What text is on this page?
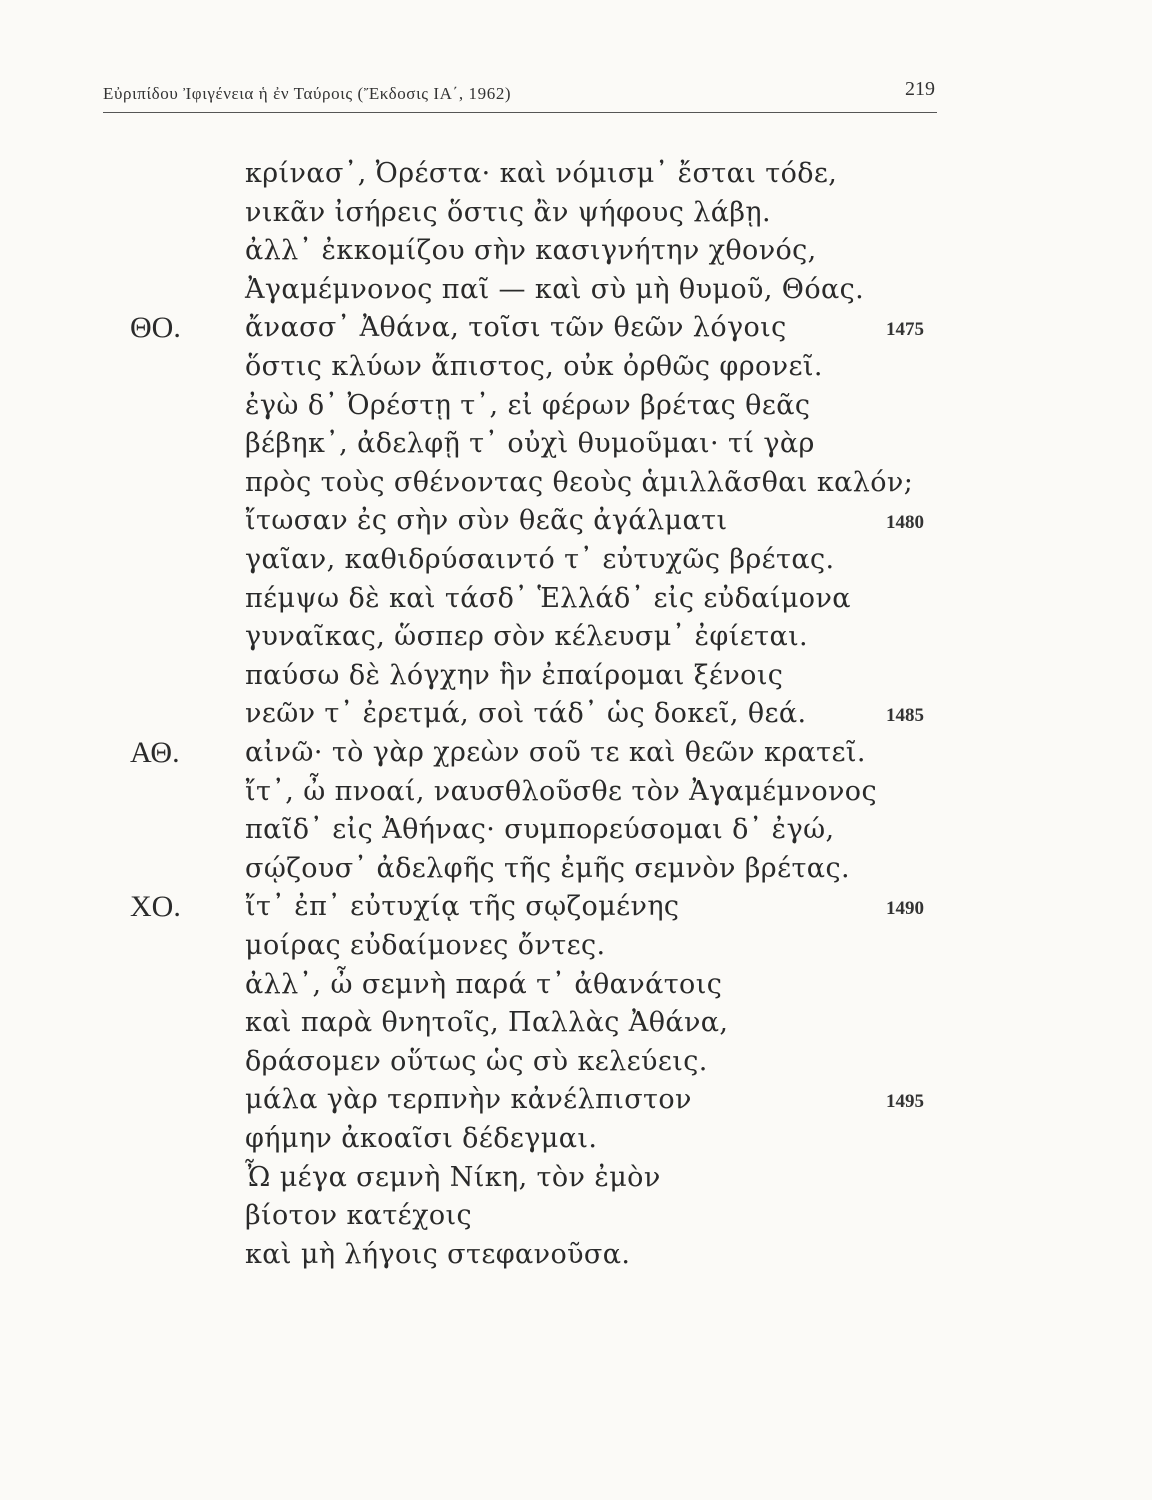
Εὐριπίδου Ἰφιγένεια ἡ ἐν Ταύροις (Ἔκδοσις ΙΑ΄, 1962)	219
κρίνασ᾿, Ὀρέστα· καὶ νόμισμ᾿ ἔσται τόδε,
νικᾶν ἰσήρεις ὅστις ἂν ψήφους λάβῃ.
ἀλλ᾿ ἐκκομίζου σὴν κασιγνήτην χθονός,
Ἀγαμέμνονος παῖ — καὶ σὺ μὴ θυμοῦ, Θόας.
ΘΟ. ἄνασσ᾿ Ἀθάνα, τοῖσι τῶν θεῶν λόγοις	1475
ὅστις κλύων ἄπιστος, οὐκ ὀρθῶς φρονεῖ.
ἐγὼ δ᾿ Ὀρέστῃ τ᾿, εἰ φέρων βρέτας θεᾶς
βέβηκ᾿, ἀδελφῇ τ᾿ οὐχὶ θυμοῦμαι· τί γὰρ
πρὸς τοὺς σθένοντας θεοὺς ἁμιλλᾶσθαι καλόν;
ἴτωσαν ἐς σὴν σὺν θεᾶς ἀγάλματι	1480
γαῖαν, καθιδρύσαιντό τ᾿ εὐτυχῶς βρέτας.
πέμψω δὲ καὶ τάσδ᾿ Ἑλλάδ᾿ εἰς εὐδαίμονα
γυναῖκας, ὥσπερ σὸν κέλευσμ᾿ ἐφίεται.
παύσω δὲ λόγχην ἣν ἐπαίρομαι ξένοις
νεῶν τ᾿ ἐρετμά, σοὶ τάδ᾿ ὡς δοκεῖ, θεά.	1485
ΑΘ. αἰνῶ· τὸ γὰρ χρεὼν σοῦ τε καὶ θεῶν κρατεῖ.
ἴτ᾿, ὦ πνοαί, ναυσθλοῦσθε τὸν Ἀγαμέμνονος
παῖδ᾿ εἰς Ἀθήνας· συμπορεύσομαι δ᾿ ἐγώ,
σῴζουσ᾿ ἀδελφῆς τῆς ἐμῆς σεμνὸν βρέτας.
ΧΟ. ἴτ᾿ ἐπ᾿ εὐτυχίᾳ τῆς σῳζομένης	1490
μοίρας εὐδαίμονες ὄντες.
ἀλλ᾿, ὦ σεμνὴ παρά τ᾿ ἀθανάτοις
καὶ παρὰ θνητοῖς, Παλλὰς Ἀθάνα,
δράσομεν οὕτως ὡς σὺ κελεύεις.
μάλα γὰρ τερπνὴν κἀνέλπιστον	1495
φήμην ἀκοαῖσι δέδεγμαι.
Ὦ μέγα σεμνὴ Νίκη, τὸν ἐμὸν
βίοτον κατέχοις
καὶ μὴ λήγοις στεφανοῦσα.
